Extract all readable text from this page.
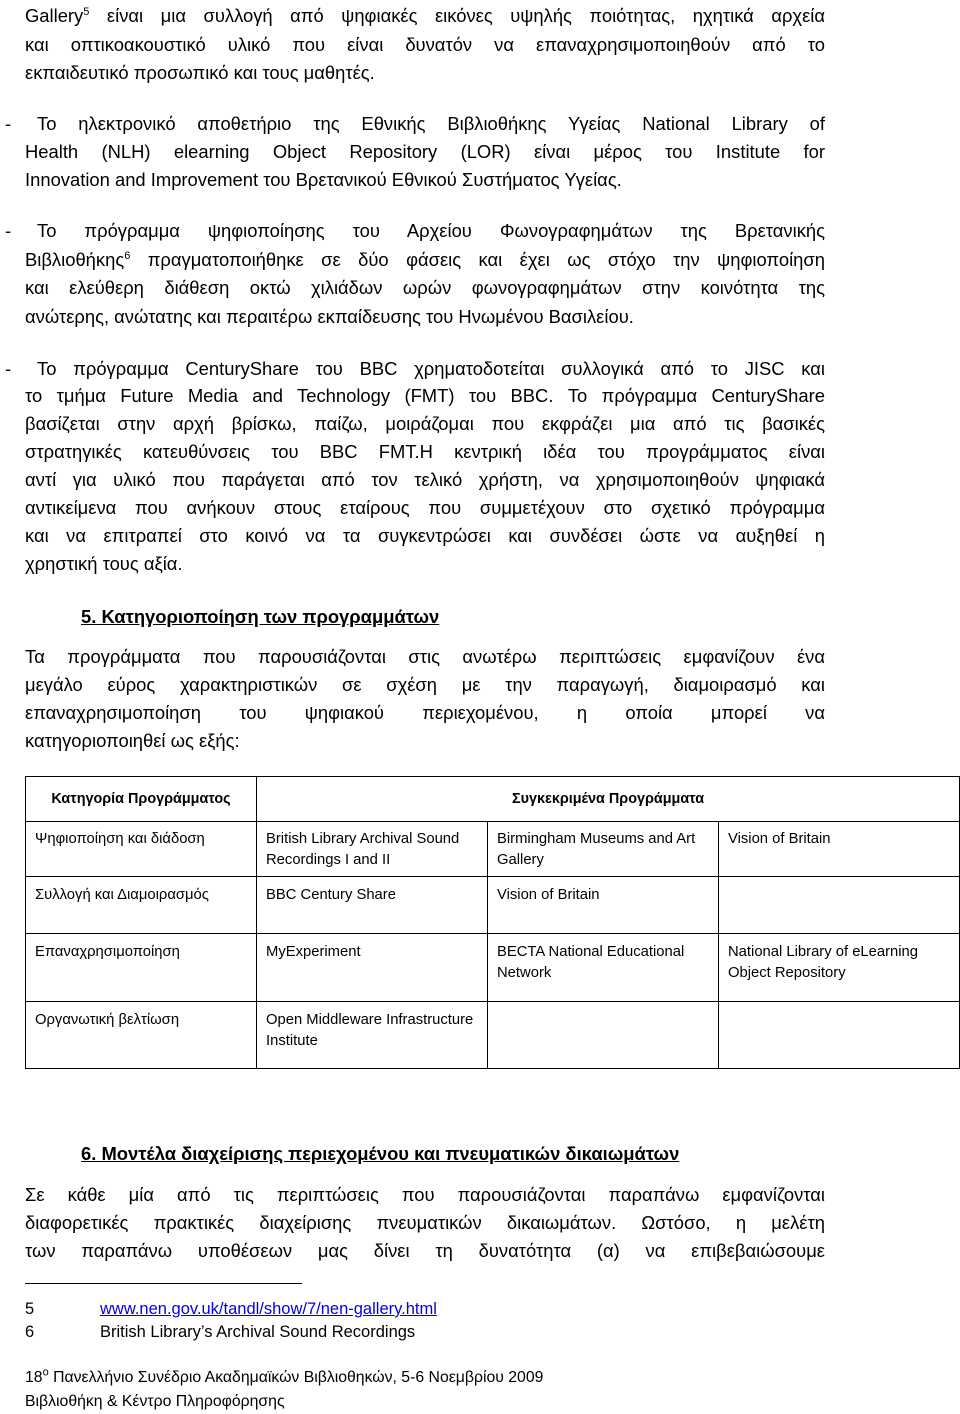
Gallery$^5$ είναι μια συλλογή από ψηφιακές εικόνες υψηλής ποιότητας, ηχητικά αρχεία
και οπτικοακουστικό υλικό που είναι δυνατόν να επαναχρησιμοποιηθούν από το
εκπαιδευτικό προσωπικό και τους μαθητές.
-	Το ηλεκτρονικό αποθετήριο της Εθνικής Βιβλιοθήκης Υγείας National Library of
Health (NLH) elearning Object Repository (LOR) είναι μέρος του Institute for
Innovation and Improvement του Βρετανικού Εθνικού Συστήματος Υγείας.
-	Το πρόγραμμα ψηφιοποίησης του Αρχείου Φωνογραφημάτων της Βρετανικής
Βιβλιοθήκης$^6$ πραγματοποιήθηκε σε δύο φάσεις και έχει ως στόχο την ψηφιοποίηση
και ελεύθερη διάθεση οκτώ χιλιάδων ωρών φωνογραφημάτων στην κοινότητα της
ανώτερης, ανώτατης και περαιτέρω εκπαίδευσης του Ηνωμένου Βασιλείου.
-	Το πρόγραμμα CenturyShare του BBC χρηματοδοτείται συλλογικά από το JISC και
το τμήμα Future Media and Technology (FMT) του BBC. Το πρόγραμμα CenturyShare
βασίζεται στην αρχή βρίσκω, παίζω, μοιράζομαι που εκφράζει μια από τις βασικές
στρατηγικές κατευθύνσεις του BBC FMT.Η κεντρική ιδέα του προγράμματος είναι
αντί για υλικό που παράγεται από τον τελικό χρήστη, να χρησιμοποιηθούν ψηφιακά
αντικείμενα που ανήκουν στους εταίρους που συμμετέχουν στο σχετικό πρόγραμμα
και να επιτραπεί στο κοινό να τα συγκεντρώσει και συνδέσει ώστε να αυξηθεί η
χρηστική τους αξία.
5. Κατηγοριοποίηση των προγραμμάτων
Τα προγράμματα που παρουσιάζονται στις ανωτέρω περιπτώσεις εμφανίζουν ένα
μεγάλο εύρος χαρακτηριστικών σε σχέση με την παραγωγή, διαμοιρασμό και
επαναχρησιμοποίηση του ψηφιακού περιεχομένου, η οποία μπορεί να
κατηγοριοποιηθεί ως εξής:
Κατηγορία Προγράμματος	Συγκεκριμένα Προγράμματα		
Ψηφιοποίηση και διάδοση	British Library Archival Sound Recordings I and II	Birmingham Museums and Art Gallery	Vision of Britain
Συλλογή και Διαμοιρασμός	BBC Century Share	Vision of Britain	
Επαναχρησιμοποίηση	MyExperiment	BECTA National Educational Network	National Library of eLearning Object Repository
Οργανωτική βελτίωση	Open Middleware Infrastructure Institute		
6. Μοντέλα διαχείρισης περιεχομένου και πνευματικών δικαιωμάτων
Σε κάθε μία από τις περιπτώσεις που παρουσιάζονται παραπάνω εμφανίζονται
διαφορετικές πρακτικές διαχείρισης πνευματικών δικαιωμάτων. Ωστόσο, η μελέτη
των παραπάνω υποθέσεων μας δίνει τη δυνατότητα (α) να επιβεβαιώσουμε
5	www.nen.gov.uk/tandl/show/7/nen-gallery.html
6	British Library’s Archival Sound Recordings
$18^o$ Πανελλήνιο Συνέδριο Ακαδημαϊκών Βιβλιοθηκών, 5-6 Νοεμβρίου 2009
Βιβλιοθήκη & Κέντρο Πληροφόρησης
